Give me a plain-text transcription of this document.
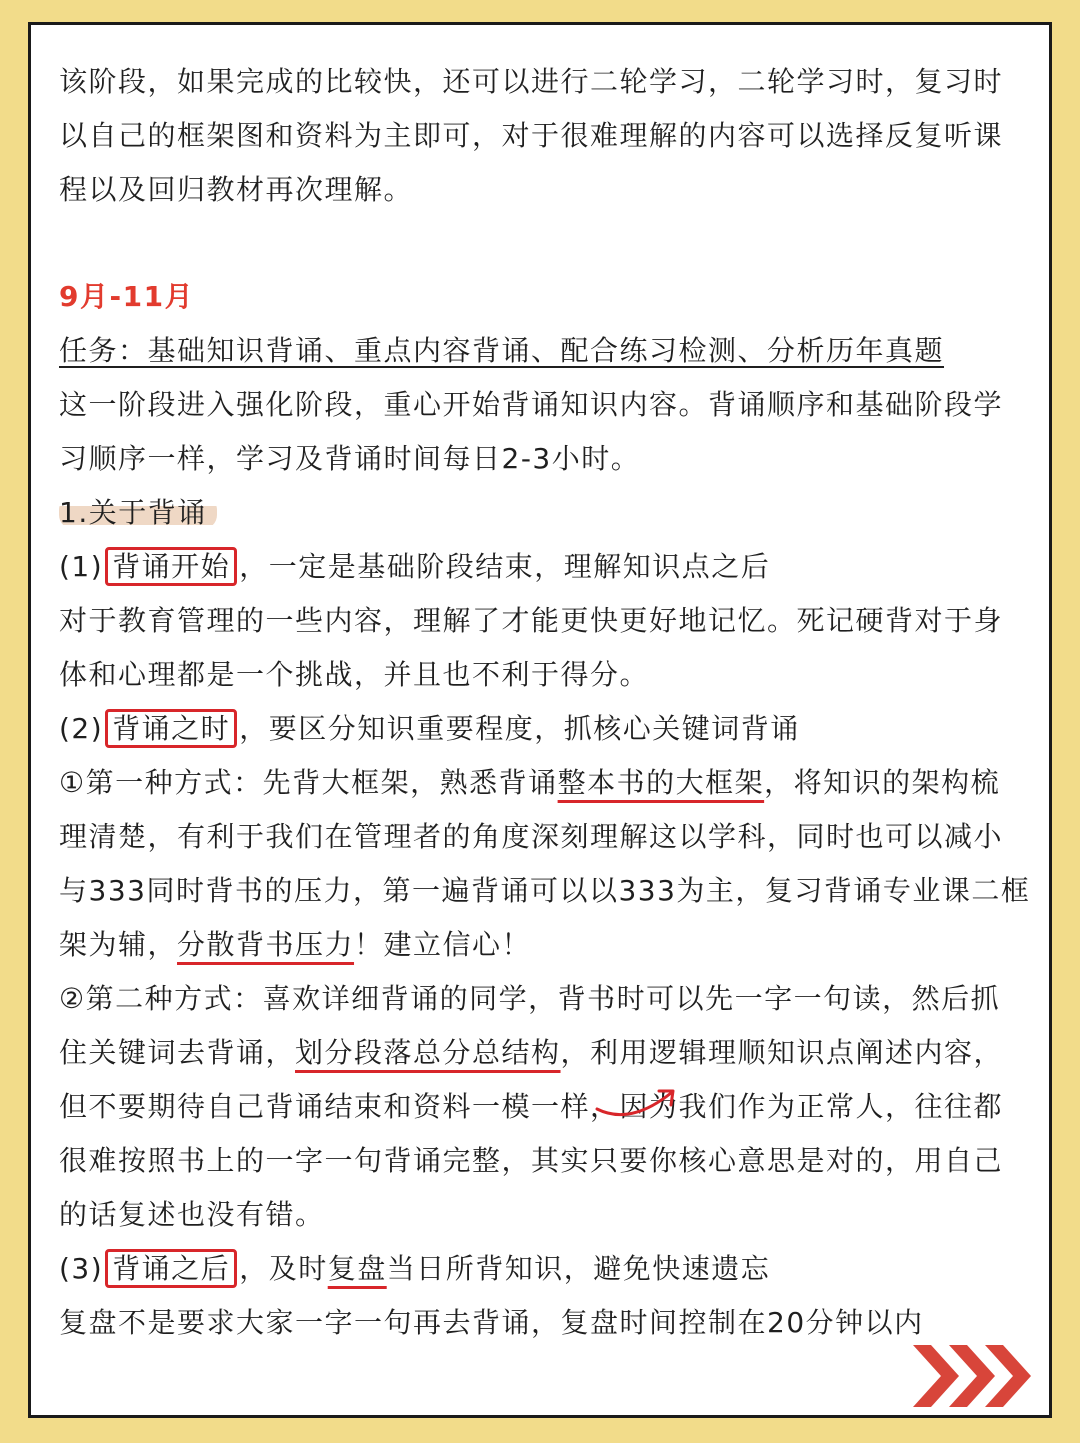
该阶段，如果完成的比较快，还可以进行二轮学习，二轮学习时，复习时
以自己的框架图和资料为主即可，对于很难理解的内容可以选择反复听课
程以及回归教材再次理解。
9月-11月
任务：基础知识背诵、重点内容背诵、配合练习检测、分析历年真题
这一阶段进入强化阶段，重心开始背诵知识内容。背诵顺序和基础阶段学
习顺序一样，学习及背诵时间每日2-3小时。
1.关于背诵
(1) 背诵开始 ，一定是基础阶段结束，理解知识点之后
对于教育管理的一些内容，理解了才能更快更好地记忆。死记硬背对于身
体和心理都是一个挑战，并且也不利于得分。
(2) 背诵之时 ，要区分知识重要程度，抓核心关键词背诵
①第一种方式：先背大框架，熟悉背诵整本书的大框架，将知识的架构梳
理清楚，有利于我们在管理者的角度深刻理解这以学科，同时也可以减小
与333同时背书的压力，第一遍背诵可以以333为主，复习背诵专业课二框
架为辅，分散背书压力！建立信心！
②第二种方式：喜欢详细背诵的同学，背书时可以先一字一句读，然后抓
住关键词去背诵，划分段落总分总结构，利用逻辑理顺知识点阐述内容，
但不要期待自己背诵结束和资料一模一样，因为我们作为正常人，往往都
很难按照书上的一字一句背诵完整，其实只要你核心意思是对的，用自己
的话复述也没有错。
(3) 背诵之后 ，及时复盘当日所背知识，避免快速遗忘
复盘不是要求大家一字一句再去背诵，复盘时间控制在20分钟以内
